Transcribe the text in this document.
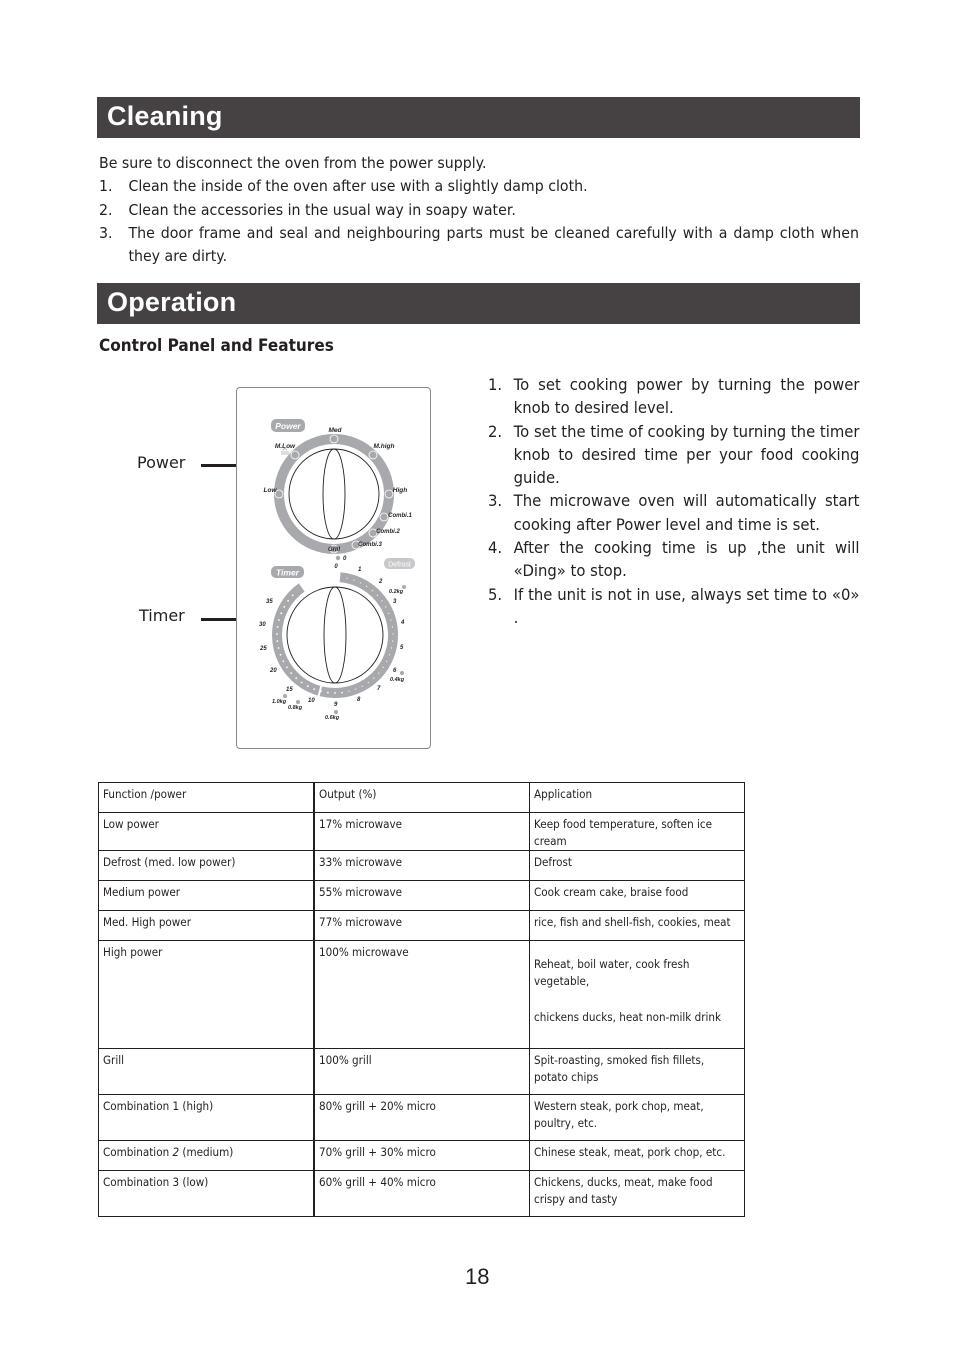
Cleaning
Be sure to disconnect the oven from the power supply.
1.	Clean the inside of the oven after use with a slightly damp cloth.
2.	Clean the accessories in the usual way in soapy water.
3.	The door frame and seal and neighbouring parts must be cleaned carefully with a damp cloth when they are dirty.
Operation
Control Panel and Features
Power
Timer
Power	Med
M.Low	M.high
Low	High
Combi.1
Combi.2
Combi.3
Grill
0
0	Defrost
Timer	1
2
3
4
5
6
7
8
9
10
15
20
25
30
35
0.2kg
0.4kg
0.6kg
0.8kg
1.0kg
1. To set cooking power by turning the power knob to desired level.
2. To set the time of cooking by turning the timer knob to desired time per your food cooking guide.
3. The microwave oven will automatically start cooking after Power level and time is set.
4. After the cooking time is up ,the unit will «Ding» to stop.
5. If the unit is not in use, always set time to «0» .
Function /power	Output (%)	Application

Low power	17% microwave	Keep food temperature, soften ice cream

Defrost (med. low power)	33% microwave	Defrost

Medium power	55% microwave	Cook cream cake, braise food

Med. High power	77% microwave	rice, fish and shell-fish, cookies, meat

High power	100% microwave	Reheat, boil water, cook fresh vegetable,
chickens ducks, heat non-milk drink

Grill	100% grill	Spit-roasting, smoked fish fillets, potato chips

Combination 1 (high)	80% grill + 20% micro	Western steak, pork chop, meat, poultry, etc.

Combination 2 (medium)	70% grill + 30% micro	Chinese steak, meat, pork chop, etc.

Combination 3 (low)	60% grill + 40% micro	Chickens, ducks, meat, make food crispy and tasty
18
